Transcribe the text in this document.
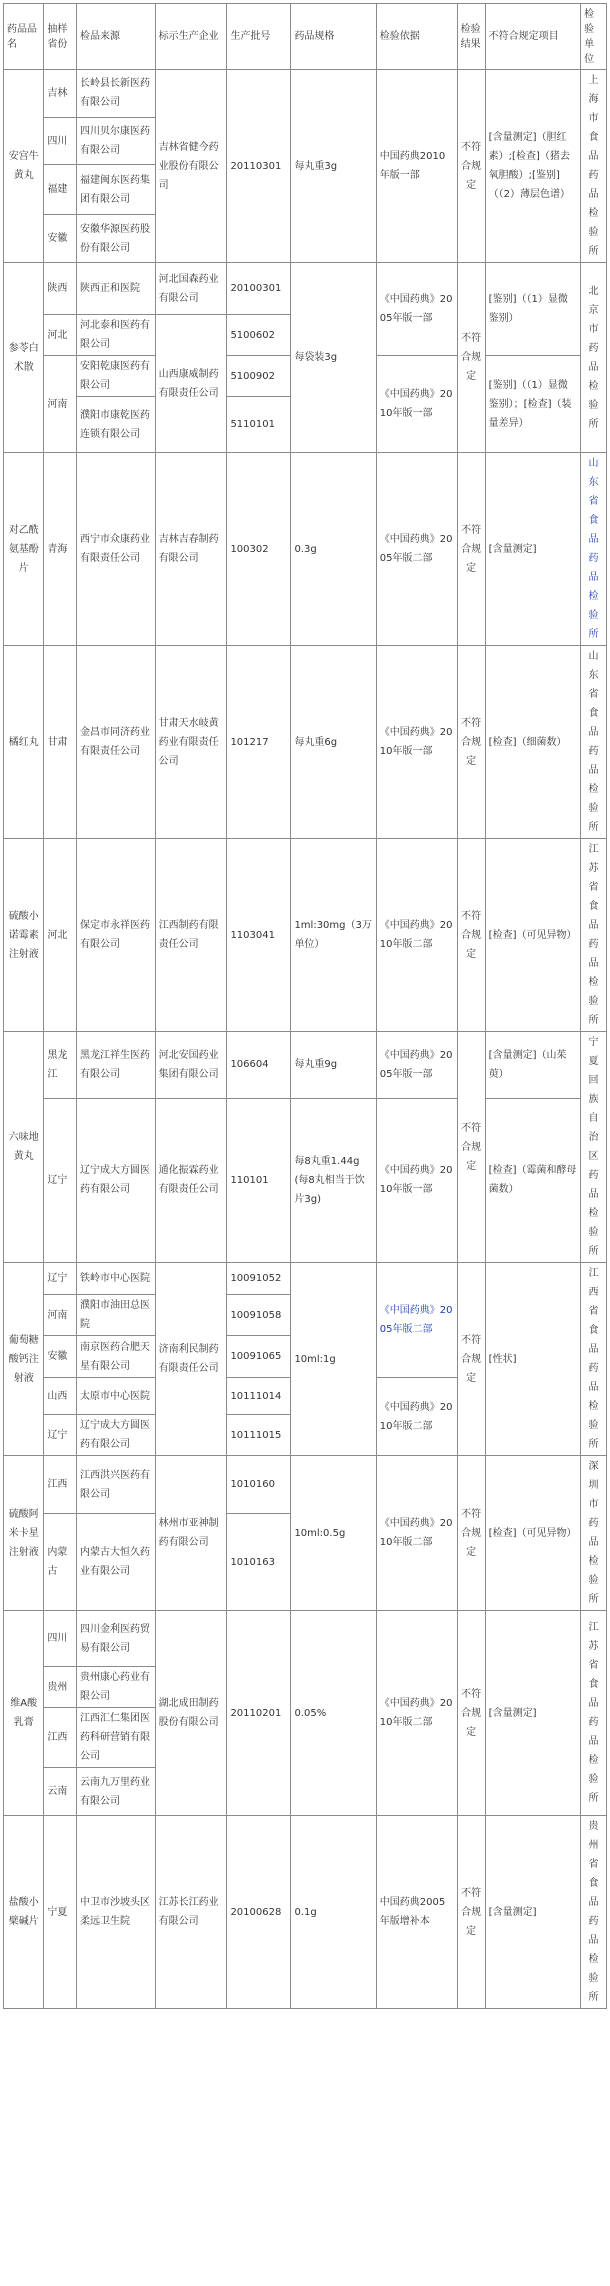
药品品名	抽样省份	检品来源	标示生产企业	生产批号	药品规格	检验依据	检验结果	不符合规定项目	检验单位
安宫牛黄丸	吉林	长岭县长新医药有限公司	吉林省健今药业股份有限公司	20110301	每丸重3g	中国药典2010年版一部	不符合规定	[含量测定]（胆红素）;[检查]（猪去氧胆酸）;[鉴别]（（2）薄层色谱）	上海市食品药品检验所
	四川	四川贝尔康医药有限公司							
	福建	福建闽东医药集团有限公司							
	安徽	安徽华源医药股份有限公司							
参苓白术散	陕西	陕西正和医院	河北国森药业有限公司	20100301	每袋装3g	《中国药典》2005年版一部	不符合规定	[鉴别]（（1）显微鉴别）	北京市药品检验所
	河北	河北泰和医药有限公司	山西康威制药有限责任公司	5100602					
	河南	安阳乾康医药有限公司		5100902		《中国药典》2010年版一部		[鉴别]（（1）显微鉴别）；[检查]（装量差异）	
		濮阳市康乾医药连锁有限公司		5110101					

对乙酰氨基酚片	青海	西宁市众康药业有限责任公司	吉林吉春制药有限公司	100302	0.3g	《中国药典》2005年版二部	不符合规定	[含量测定]	山东省食品药品检验所
橘红丸	甘肃	金昌市同济药业有限责任公司	甘肃天水岐黄药业有限责任公司	101217	每丸重6g	《中国药典》2010年版一部	不符合规定	[检查]（细菌数）	山东省食品药品检验所
硫酸小诺霉素注射液	河北	保定市永祥医药有限公司	江西制药有限责任公司	1103041	1ml:30mg（3万单位）	《中国药典》2010年版二部	不符合规定	[检查]（可见异物）	江苏省食品药品检验所
六味地黄丸	黑龙江	黑龙江祥生医药有限公司	河北安国药业集团有限公司	106604	每丸重9g	《中国药典》2005年版一部	不符合规定	[含量测定]（山茱萸）	宁夏回族自治区药品检验所
	辽宁	辽宁成大方圆医药有限公司	通化振霖药业有限责任公司	110101	每8丸重1.44g(每8丸相当于饮片3g)	《中国药典》2010年版一部		[检查]（霉菌和酵母菌数）	
葡萄糖酸钙注射液	辽宁	铁岭市中心医院	济南利民制药有限责任公司	10091052	10ml:1g	《中国药典》2005年版二部	不符合规定	[性状]	江西省食品药品检验所
	河南	濮阳市油田总医院		10091058					
	安徽	南京医药合肥天星有限公司		10091065					
	山西	太原市中心医院		10111014		《中国药典》2010年版二部			
	辽宁	辽宁成大方圆医药有限公司		10111015					
硫酸阿米卡星注射液	江西	江西洪兴医药有限公司	林州市亚神制药有限公司	1010160	10ml:0.5g	《中国药典》2010年版二部	不符合规定	[检查]（可见异物）	深圳市药品检验所
	内蒙古	内蒙古大恒久药业有限公司		1010163					
维A酸乳膏	四川	四川金利医药贸易有限公司	湖北成田制药股份有限公司	20110201	0.05%	《中国药典》2010年版二部	不符合规定	[含量测定]	江苏省食品药品检验所
	贵州	贵州康心药业有限公司							
	江西	江西汇仁集团医药科研营销有限公司							
	云南	云南九万里药业有限公司							
盐酸小檗碱片	宁夏	中卫市沙坡头区柔远卫生院	江苏长江药业有限公司	20100628	0.1g	中国药典2005年版增补本	不符合规定	[含量测定]	贵州省食品药品检验所
